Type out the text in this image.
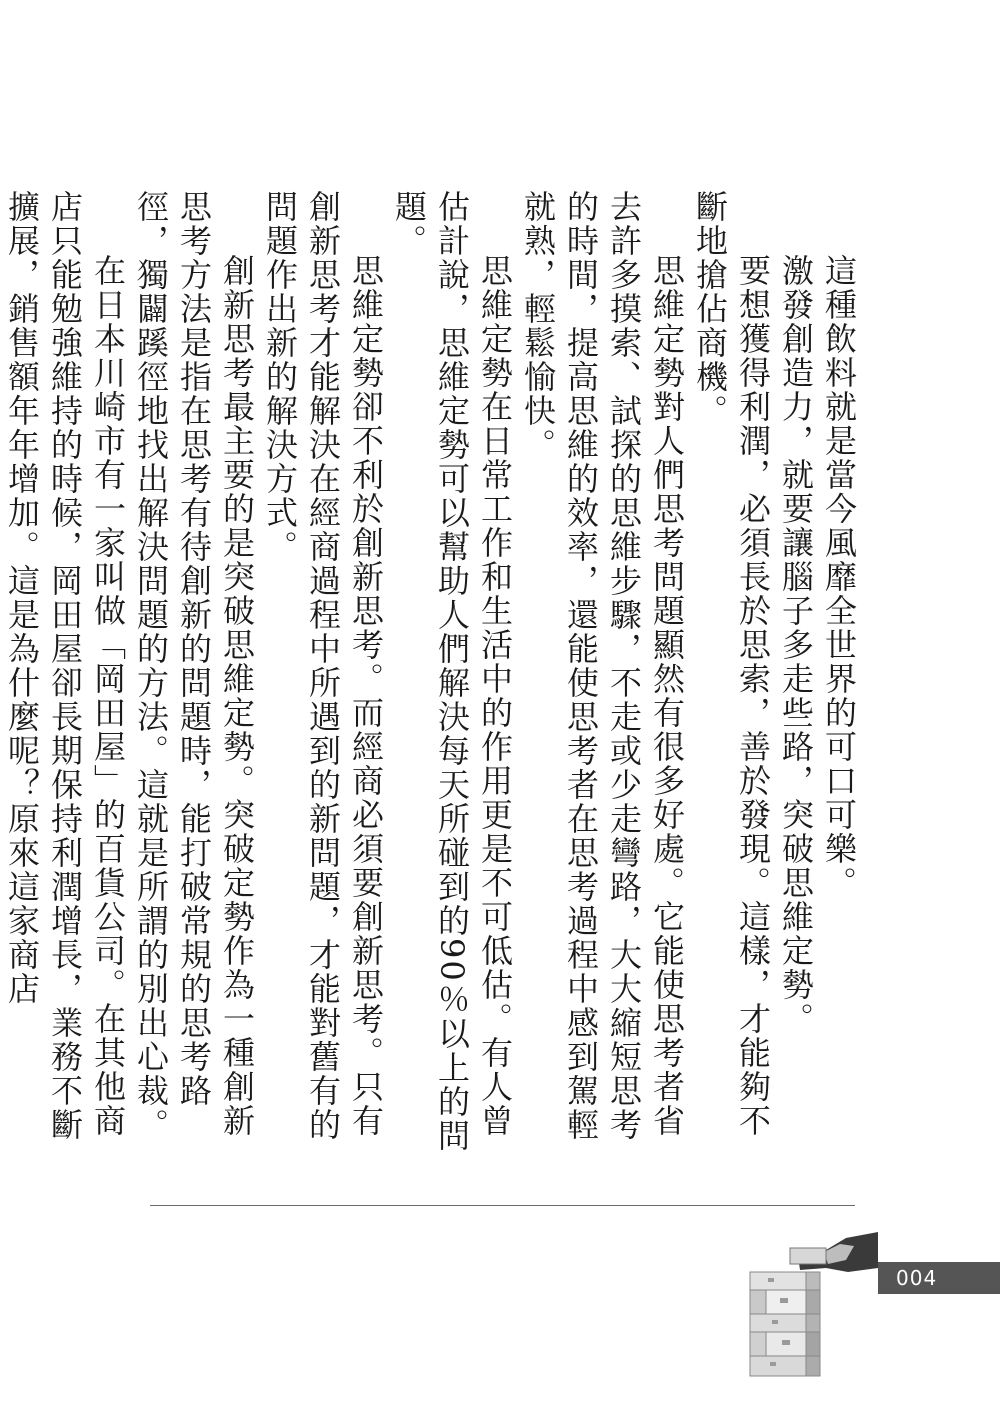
這種飲料就是當今風靡全世界的可口可樂。

激發創造力，就要讓腦子多走些路，突破思維定勢。

要想獲得利潤，必須長於思索，善於發現。這樣，才能夠不斷地搶佔商機。

思維定勢對人們思考問題顯然有很多好處。它能使思考者省去許多摸索、試探的思維步驟，不走或少走彎路，大大縮短思考的時間，提高思維的效率，還能使思考者在思考過程中感到駕輕就熟，輕鬆愉快。

思維定勢在日常工作和生活中的作用更是不可低估。有人曾估計說，思維定勢可以幫助人們解決每天所碰到的90％以上的問題。

思維定勢卻不利於創新思考。而經商必須要創新思考。只有創新思考才能解決在經商過程中所遇到的新問題，才能對舊有的問題作出新的解決方式。

創新思考最主要的是突破思維定勢。突破定勢作為一種創新思考方法是指在思考有待創新的問題時，能打破常規的思考路徑，獨闢蹊徑地找出解決問題的方法。這就是所謂的別出心裁。

在日本川崎市有一家叫做「岡田屋」的百貨公司。在其他商店只能勉強維持的時候，岡田屋卻長期保持利潤增長，業務不斷擴展，銷售額年年增加。這是為什麼呢？原來這家商店

004
